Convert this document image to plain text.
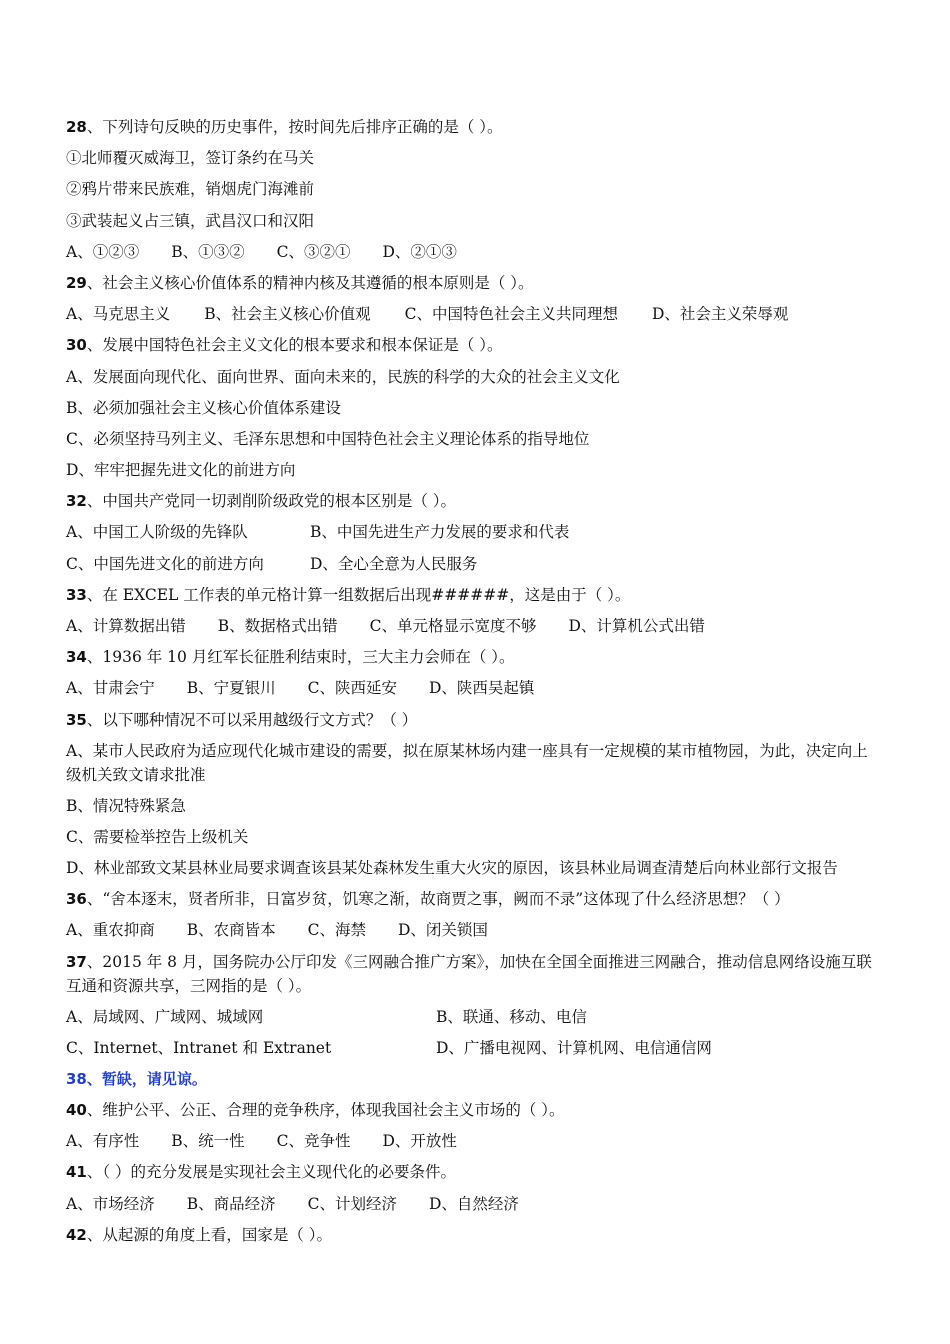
28、下列诗句反映的历史事件，按时间先后排序正确的是（ ）。
①北师覆灭威海卫，签订条约在马关
②鸦片带来民族难，销烟虎门海滩前
③武装起义占三镇，武昌汉口和汉阳
A、①②③ B、①③② C、③②① D、②①③
29、社会主义核心价值体系的精神内核及其遵循的根本原则是（ ）。
A、马克思主义 B、社会主义核心价值观 C、中国特色社会主义共同理想 D、社会主义荣辱观
30、发展中国特色社会主义文化的根本要求和根本保证是（ ）。
A、发展面向现代化、面向世界、面向未来的，民族的科学的大众的社会主义文化
B、必须加强社会主义核心价值体系建设
C、必须坚持马列主义、毛泽东思想和中国特色社会主义理论体系的指导地位
D、牢牢把握先进文化的前进方向
32、中国共产党同一切剥削阶级政党的根本区别是（ ）。
A、中国工人阶级的先锋队	B、中国先进生产力发展的要求和代表
C、中国先进文化的前进方向	D、全心全意为人民服务
33、在 EXCEL 工作表的单元格计算一组数据后出现######，这是由于（ ）。
A、计算数据出错 B、数据格式出错 C、单元格显示宽度不够 D、计算机公式出错
34、1936 年 10 月红军长征胜利结束时，三大主力会师在（ ）。
A、甘肃会宁 B、宁夏银川 C、陕西延安 D、陕西吴起镇
35、以下哪种情况不可以采用越级行文方式？（ ）
A、某市人民政府为适应现代化城市建设的需要，拟在原某林场内建一座具有一定规模的某市植物园，为此，决定向上级机关致文请求批准
B、情况特殊紧急
C、需要检举控告上级机关
D、林业部致文某县林业局要求调查该县某处森林发生重大火灾的原因，该县林业局调查清楚后向林业部行文报告
36、“舍本逐末，贤者所非，日富岁贫，饥寒之渐，故商贾之事，阙而不录”这体现了什么经济思想？（ ）
A、重农抑商 B、农商皆本 C、海禁 D、闭关锁国
37、2015 年 8 月，国务院办公厅印发《三网融合推广方案》，加快在全国全面推进三网融合，推动信息网络设施互联互通和资源共享，三网指的是（ ）。
A、局域网、广域网、城域网	B、联通、移动、电信
C、Internet、Intranet 和 Extranet	D、广播电视网、计算机网、电信通信网
38、暂缺，请见谅。
40、维护公平、公正、合理的竞争秩序，体现我国社会主义市场的（ ）。
A、有序性 B、统一性 C、竞争性 D、开放性
41、（ ）的充分发展是实现社会主义现代化的必要条件。
A、市场经济 B、商品经济 C、计划经济 D、自然经济
42、从起源的角度上看，国家是（ ）。
